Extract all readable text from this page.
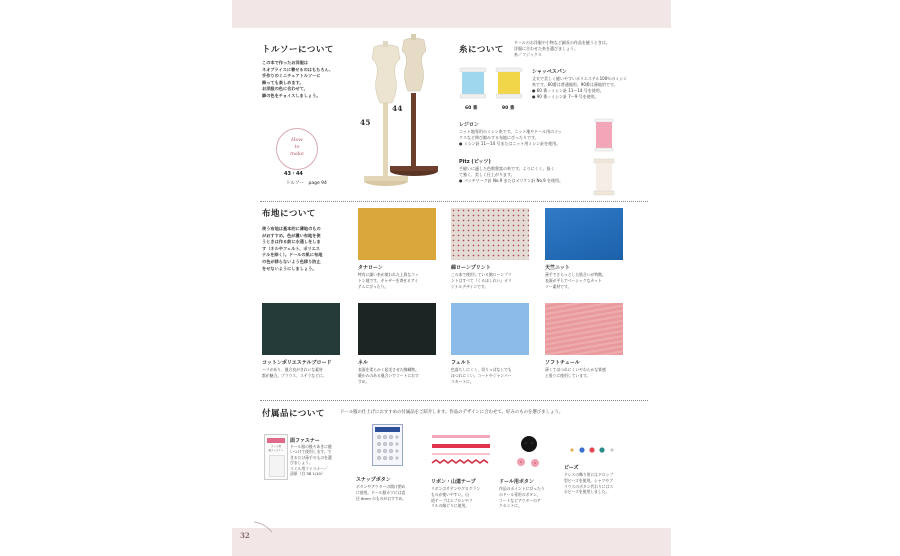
32
トルソーについて
この本で作ったお洋服は
ネオブライスに着せるのはもちろん、
手作りのミニチュアトルソーに
飾っても楽しめます。
お洋服の色に合わせて、
脚の色をチョイスしましょう。
44
45
How
to
make
43・44
トルソー　page 94
糸について
ドールのお洋服や小物など細長の作品を縫うときは、
洋服に合わせた糸を選びましょう。
糸／フジックス
60 番	90 番
シャッペスパン
丈夫で美しく縫いやすいポリエステル100％のミシン
糸です。60番は普通地用、90番は薄地用です。
● 60 番＝ミシン針 11〜14 号を使用。
● 90 番＝ミシン針 7〜9 号を使用。
レジロン
ニット地専用のミシン糸です。ニット地やドール用のソッ
クスなど伸び縮みする布地にぴったりです。
● ミシン針 11〜14 号またはニット用ミシン針を使用。
Pitz (ピッツ)
手縫いに適した色数豊富の糸です。よりにくく、扱く
て強く、美しく仕上がります。
● パッチワーク針 No.9 またはメリケン針 No.9 を使用。
布地について
使う布地は基本的に薄地のもの
がおすすめ。色が濃い布地を使
うときは作る前に水通しをしま
す（ネルやフェルト、ポリエス
テルを除く）。ドールの肌に布地
の色が移らないよう色移り防止
をせないようにしましょう。	タナローン
特有に細い糸が使われた上質なコッ
トン地です。ギャザーを寄せるアイ
テムにぴったり。
綿ローンプリント
この本で使用している綿ローンプリ
ントはすべて『くるほしれい』オリ
ジナルデザインです。
天竺ニット
薄手でさらっとした肌合いが特徴。
表面が平らでベーシックなカット
ソー素材です。
コットンポリエステルブロード
ハリがあり、風合良がきれいな素材
都が魅力。ブラウス、ステラなどに。
ネル
表面を柔らかく起毛させた綿織物。
暖かみのある風合いでコートにおす
すめ。
フェルト
色落ちしにくく、切りっぱなしでも
ほつれにくい。コートやジャンパー
スカートに。
ソフトチュール
薄くてほつれにくいやわらかな質感
と張りに使用しています。
付属品について	ドール服の仕上げにおすすめの付属品をご紹介します。作品のデザインに合わせて、好みのものを選びましょう。
スミル用
面ファスナー
面ファスナー
ドール服の後ろあきに縫
いつけて使用します。で
きるだけ薄手のものを選
びましょう。
スミル用ファスナー／
清原（白 38 1/10）
スナップボタン
ボタンやアウターの開け閉め
に使用。ドール服カツには直
径 6mm のものがおすすめ。
リボン・山道テープ
リボンはサテンやグログラン
ものが使いやすい。山
道テープはエプロンやフ
リルの縁どりに使用。
ドール用ボタン
作品のポイントにぴったり
のドール専用のボタン。
コートなどアウターのア
クセントに。
ビーズ
ドレスの飾り用にはドロップ
型ビーズを使用。シャツやブ
ラウスのボタン代わりにはス
ポビーズを使用しました。
